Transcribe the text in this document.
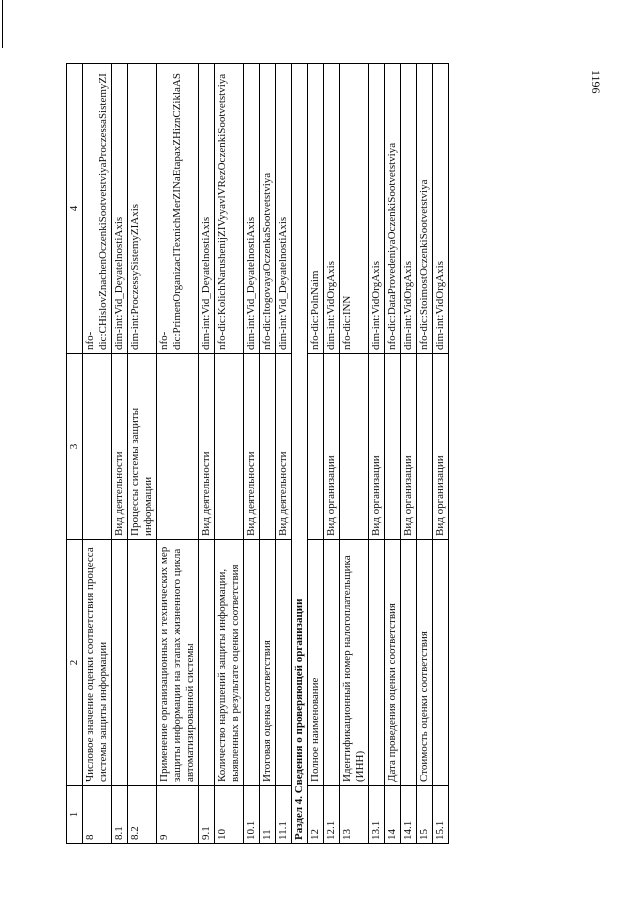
1196
1	2	3	4
8	Числовое значение оценки соответствия процесса системы защиты информации		nfo-dic:CHislovZnachenOczenkiSootvetstviyaProczessaSistemyZI
8.1		Вид деятельности	dim-int:Vid_DeyatelnostiAxis
8.2		Процессы системы защиты информации	dim-int:ProczessySistemyZIAxis
9	Применение организационных и технических мер защиты информации на этапах жизненного цикла автоматизированной системы		nfo-dic:PrimenOrganizacITexnichMerZINaEtapaxZHiznCZiklaAS
9.1		Вид деятельности	dim-int:Vid_DeyatelnostiAxis
10	Количество нарушений защиты информации, выявленных в результате оценки соответствия		nfo-dic:KolichNarushenijZIVyyavlVRezOczenkiSootvetstviya
10.1		Вид деятельности	dim-int:Vid_DeyatelnostiAxis
11	Итоговая оценка соответствия		nfo-dic:ItogovayaOczenkaSootvetstviya
11.1		Вид деятельности	dim-int:Vid_DeyatelnostiAxis
Раздел 4. Сведения о проверяющей организации			
12	Полное наименование		nfo-dic:PolnNaim
12.1		Вид организации	dim-int:VidOrgAxis
13	Идентификационный номер налогоплательщика (ИНН)		nfo-dic:INN
13.1		Вид организации	dim-int:VidOrgAxis
14	Дата проведения оценки соответствия		nfo-dic:DataProvedeniyaOczenkiSootvetstviya
14.1		Вид организации	dim-int:VidOrgAxis
15	Стоимость оценки соответствия		nfo-dic:StoimostOczenkiSootvetstviya
15.1		Вид организации	dim-int:VidOrgAxis
